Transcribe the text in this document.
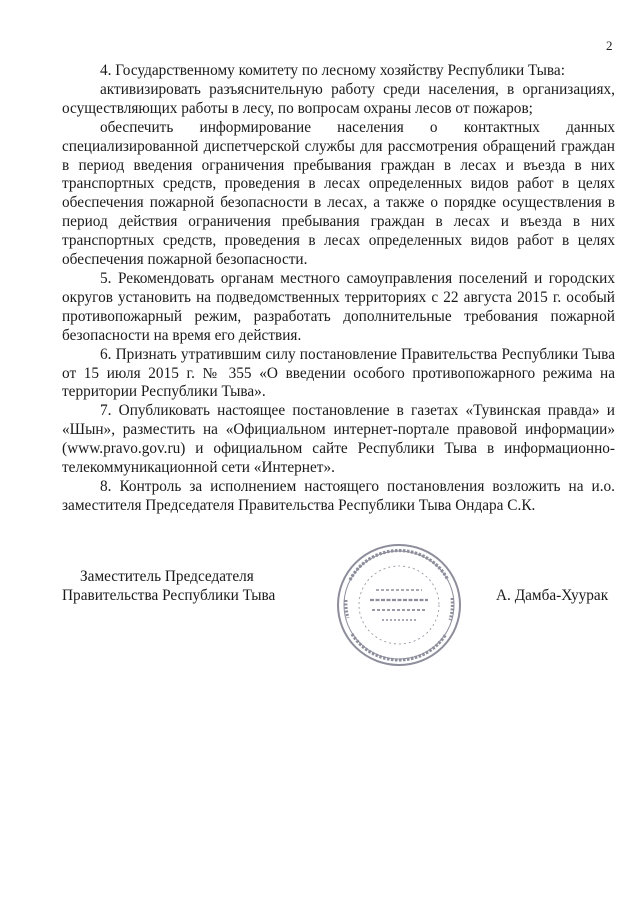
2

4. Государственному комитету по лесному хозяйству Республики Тыва:

активизировать разъяснительную работу среди населения, в организациях, осуществляющих работы в лесу, по вопросам охраны лесов от пожаров;

обеспечить информирование населения о контактных данных специализированной диспетчерской службы для рассмотрения обращений граждан в период введения ограничения пребывания граждан в лесах и въезда в них транспортных средств, проведения в лесах определенных видов работ в целях обеспечения пожарной безопасности в лесах, а также о порядке осуществления в период действия ограничения пребывания граждан в лесах и въезда в них транспортных средств, проведения в лесах определенных видов работ в целях обеспечения пожарной безопасности.

5. Рекомендовать органам местного самоуправления поселений и городских округов установить на подведомственных территориях с 22 августа 2015 г. особый противопожарный режим, разработать дополнительные требования пожарной безопасности на время его действия.

6. Признать утратившим силу постановление Правительства Республики Тыва от 15 июля 2015 г. № 355 «О введении особого противопожарного режима на территории Республики Тыва».

7. Опубликовать настоящее постановление в газетах «Тувинская правда» и «Шын», разместить на «Официальном интернет-портале правовой информации» (www.pravo.gov.ru) и официальном сайте Республики Тыва в информационно-телекоммуникационной сети «Интернет».

8. Контроль за исполнением настоящего постановления возложить на и.о. заместителя Председателя Правительства Республики Тыва Ондара С.К.

Заместитель Председателя
Правительства Республики Тыва	А. Дамба-Хуурак
